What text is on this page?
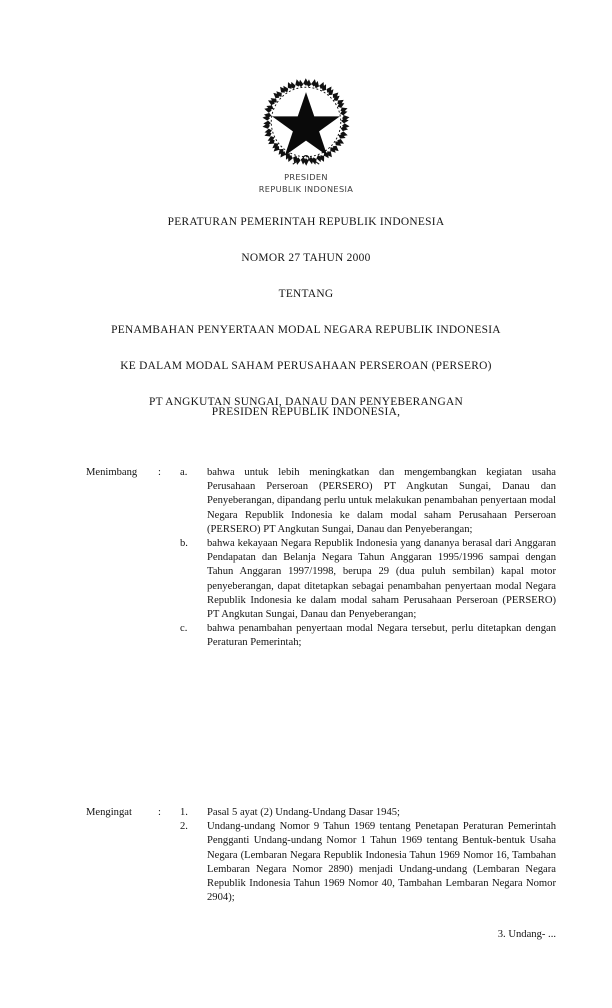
PRESIDEN
REPUBLIK INDONESIA
PERATURAN PEMERINTAH REPUBLIK INDONESIA
NOMOR 27 TAHUN 2000
TENTANG
PENAMBAHAN PENYERTAAN MODAL NEGARA REPUBLIK INDONESIA
KE DALAM MODAL SAHAM PERUSAHAAN PERSEROAN (PERSERO)
PT ANGKUTAN SUNGAI, DANAU DAN PENYEBERANGAN
PRESIDEN REPUBLIK INDONESIA,
Menimbang	:	a.	bahwa untuk lebih meningkatkan dan mengembangkan kegiatan usaha Perusahaan Perseroan (PERSERO) PT Angkutan Sungai, Danau dan Penyeberangan, dipandang perlu untuk melakukan penambahan penyertaan modal Negara Republik Indonesia ke dalam modal saham Perusahaan Perseroan (PERSERO) PT Angkutan Sungai, Danau dan Penyeberangan;
b.	bahwa kekayaan Negara Republik Indonesia yang dananya berasal dari Anggaran Pendapatan dan Belanja Negara Tahun Anggaran 1995/1996 sampai dengan Tahun Anggaran 1997/1998, berupa 29 (dua puluh sembilan) kapal motor penyeberangan, dapat ditetapkan sebagai penambahan penyertaan modal Negara Republik Indonesia ke dalam modal saham Perusahaan Perseroan (PERSERO) PT Angkutan Sungai, Danau dan Penyeberangan;
c.	bahwa penambahan penyertaan modal Negara tersebut, perlu ditetapkan dengan Peraturan Pemerintah;
Mengingat	:	1.	Pasal 5 ayat (2) Undang-Undang Dasar 1945;
2.	Undang-undang Nomor 9 Tahun 1969 tentang Penetapan Peraturan Pemerintah Pengganti Undang-undang Nomor 1 Tahun 1969 tentang Bentuk-bentuk Usaha Negara (Lembaran Negara Republik Indonesia Tahun 1969 Nomor 16, Tambahan Lembaran Negara Nomor 2890) menjadi Undang-undang (Lembaran Negara Republik Indonesia Tahun 1969 Nomor 40, Tambahan Lembaran Negara Nomor 2904);
3. Undang- ...
